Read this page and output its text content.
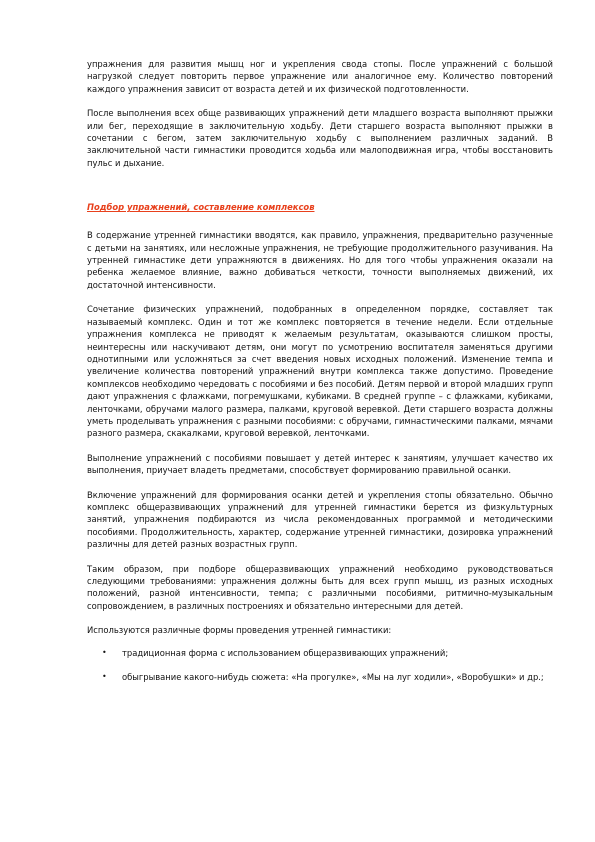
упражнения для развития мышц ног и укрепления свода стопы. После упражнений с большой нагрузкой следует повторить первое упражнение или аналогичное ему. Количество повторений каждого упражнения зависит от возраста детей и их физической подготовленности.

После выполнения всех обще развивающих упражнений дети младшего возраста выполняют прыжки или бег, переходящие в заключительную ходьбу. Дети старшего возраста выполняют прыжки в сочетании с бегом, затем заключительную ходьбу с выполнением различных заданий. В заключительной части гимнастики проводится ходьба или малоподвижная игра, чтобы восстановить пульс и дыхание.

Подбор упражнений, составление комплексов

В содержание утренней гимнастики вводятся, как правило, упражнения, предварительно разученные с детьми на занятиях, или несложные упражнения, не требующие продолжительного разучивания. На утренней гимнастике дети упражняются в движениях. Но для того чтобы упражнения оказали на ребенка желаемое влияние, важно добиваться четкости, точности выполняемых движений, их достаточной интенсивности.

Сочетание физических упражнений, подобранных в определенном порядке, составляет так называемый комплекс. Один и тот же комплекс повторяется в течение недели. Если отдельные упражнения комплекса не приводят к желаемым результатам, оказываются слишком просты, неинтересны или наскучивают детям, они могут по усмотрению воспитателя заменяться другими однотипными или усложняться за счет введения новых исходных положений. Изменение темпа и увеличение количества повторений упражнений внутри комплекса также допустимо. Проведение комплексов необходимо чередовать с пособиями и без пособий. Детям первой и второй младших групп дают упражнения с флажками, погремушками, кубиками. В средней группе – с флажками, кубиками, ленточками, обручами малого размера, палками, круговой веревкой. Дети старшего возраста должны уметь проделывать упражнения с разными пособиями: с обручами, гимнастическими палками, мячами разного размера, скакалками, круговой веревкой, ленточками.

Выполнение упражнений с пособиями повышает у детей интерес к занятиям, улучшает качество их выполнения, приучает владеть предметами, способствует формированию правильной осанки.

Включение упражнений для формирования осанки детей и укрепления стопы обязательно. Обычно комплекс общеразвивающих упражнений для утренней гимнастики берется из физкультурных занятий, упражнения подбираются из числа рекомендованных программой и методическими пособиями. Продолжительность, характер, содержание утренней гимнастики, дозировка упражнений различны для детей разных возрастных групп.

Таким образом, при подборе общеразвивающих упражнений необходимо руководствоваться следующими требованиями: упражнения должны быть для всех групп мышц, из разных исходных положений, разной интенсивности, темпа; с различными пособиями, ритмично-музыкальным сопровождением, в различных построениях и обязательно интересными для детей.

Используются различные формы проведения утренней гимнастики:

• традиционная форма с использованием общеразвивающих упражнений;
• обыгрывание какого-нибудь сюжета: «На прогулке», «Мы на луг ходили», «Воробушки» и др.;
